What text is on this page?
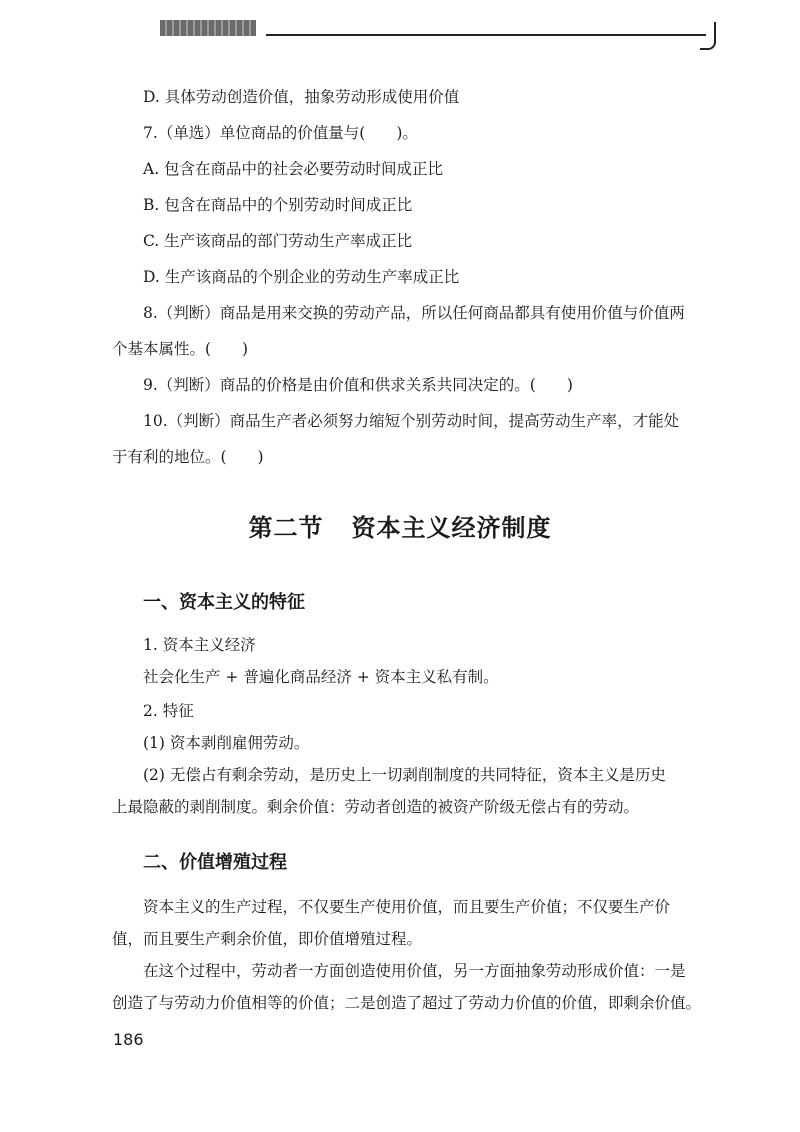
D. 具体劳动创造价值，抽象劳动形成使用价值
7.（单选）单位商品的价值量与(　　)。
A. 包含在商品中的社会必要劳动时间成正比
B. 包含在商品中的个别劳动时间成正比
C. 生产该商品的部门劳动生产率成正比
D. 生产该商品的个别企业的劳动生产率成正比
8.（判断）商品是用来交换的劳动产品，所以任何商品都具有使用价值与价值两
个基本属性。(　　)
9.（判断）商品的价格是由价值和供求关系共同决定的。(　　)
10.（判断）商品生产者必须努力缩短个别劳动时间，提高劳动生产率，才能处
于有利的地位。(　　)
第二节 资本主义经济制度
一、资本主义的特征
1. 资本主义经济
社会化生产 + 普遍化商品经济 + 资本主义私有制。
2. 特征
(1) 资本剥削雇佣劳动。
(2) 无偿占有剩余劳动，是历史上一切剥削制度的共同特征，资本主义是历史
上最隐蔽的剥削制度。剩余价值：劳动者创造的被资产阶级无偿占有的劳动。
二、价值增殖过程
资本主义的生产过程，不仅要生产使用价值，而且要生产价值；不仅要生产价
值，而且要生产剩余价值，即价值增殖过程。
在这个过程中，劳动者一方面创造使用价值，另一方面抽象劳动形成价值：一是
创造了与劳动力价值相等的价值；二是创造了超过了劳动力价值的价值，即剩余价值。
186
